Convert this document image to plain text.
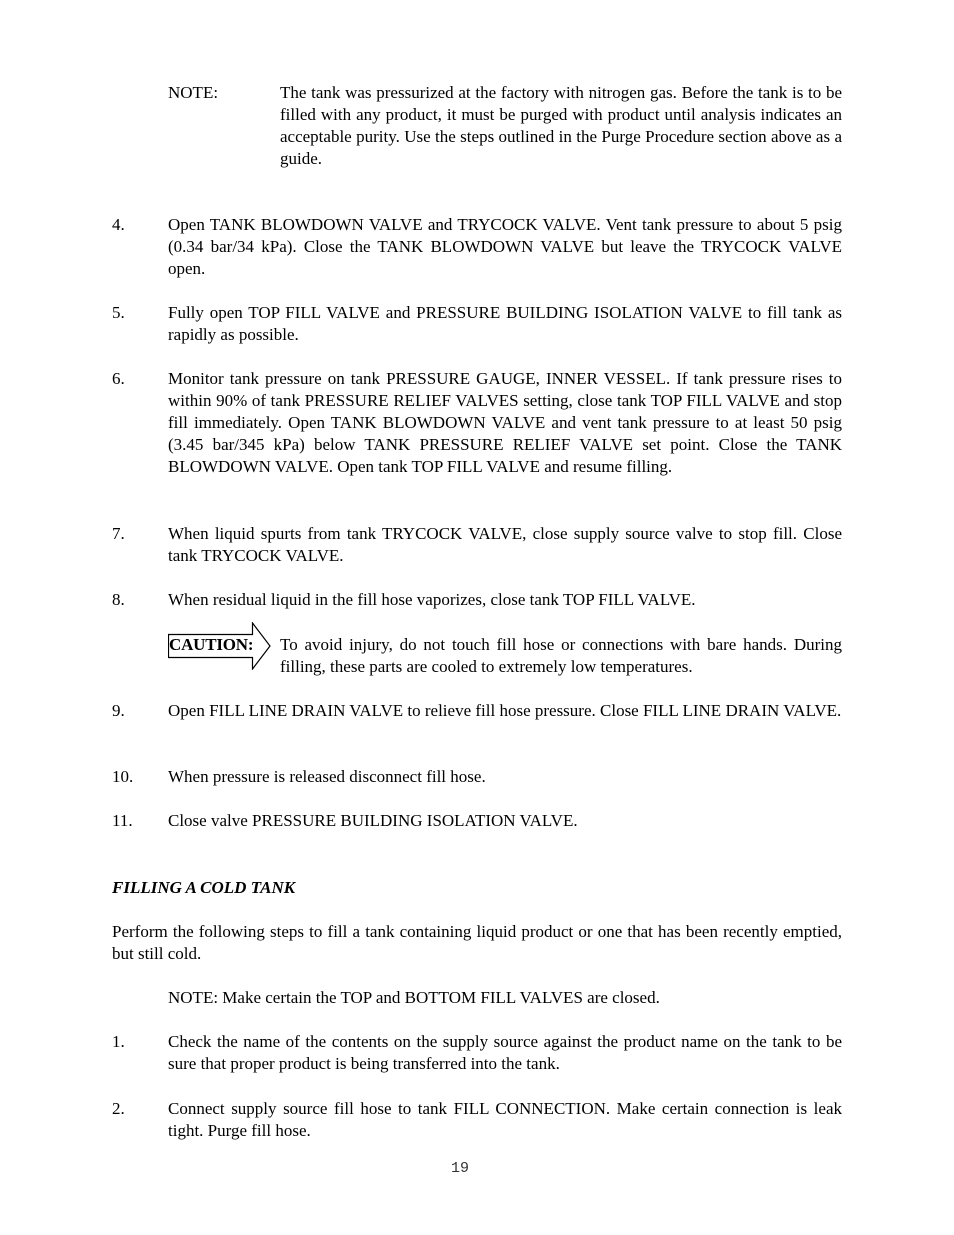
NOTE:	The tank was pressurized at the factory with nitrogen gas. Before the tank is to be filled with any product, it must be purged with product until analysis indicates an acceptable purity. Use the steps outlined in the Purge Procedure section above as a guide.
4.	Open TANK BLOWDOWN VALVE and TRYCOCK VALVE. Vent tank pressure to about 5 psig (0.34 bar/34 kPa). Close the TANK BLOWDOWN VALVE but leave the TRYCOCK VALVE open.
5.	Fully open TOP FILL VALVE and PRESSURE BUILDING ISOLATION VALVE to fill tank as rapidly as possible.
6.	Monitor tank pressure on tank PRESSURE GAUGE, INNER VESSEL. If tank pressure rises to within 90% of tank PRESSURE RELIEF VALVES setting, close tank TOP FILL VALVE and stop fill immediately. Open TANK BLOWDOWN VALVE and vent tank pressure to at least 50 psig (3.45 bar/345 kPa) below TANK PRESSURE RELIEF VALVE set point. Close the TANK BLOWDOWN VALVE. Open tank TOP FILL VALVE and resume filling.
7.	When liquid spurts from tank TRYCOCK VALVE, close supply source valve to stop fill. Close tank TRYCOCK VALVE.
8.	When residual liquid in the fill hose vaporizes, close tank TOP FILL VALVE.
CAUTION: To avoid injury, do not touch fill hose or connections with bare hands. During filling, these parts are cooled to extremely low temperatures.
9.	Open FILL LINE DRAIN VALVE to relieve fill hose pressure. Close FILL LINE DRAIN VALVE.
10. When pressure is released disconnect fill hose.
11. Close valve PRESSURE BUILDING ISOLATION VALVE.
FILLING A COLD TANK
Perform the following steps to fill a tank containing liquid product or one that has been recently emptied, but still cold.
NOTE: Make certain the TOP and BOTTOM FILL VALVES are closed.
1.	Check the name of the contents on the supply source against the product name on the tank to be sure that proper product is being transferred into the tank.
2.	Connect supply source fill hose to tank FILL CONNECTION. Make certain connection is leak tight. Purge fill hose.
19
